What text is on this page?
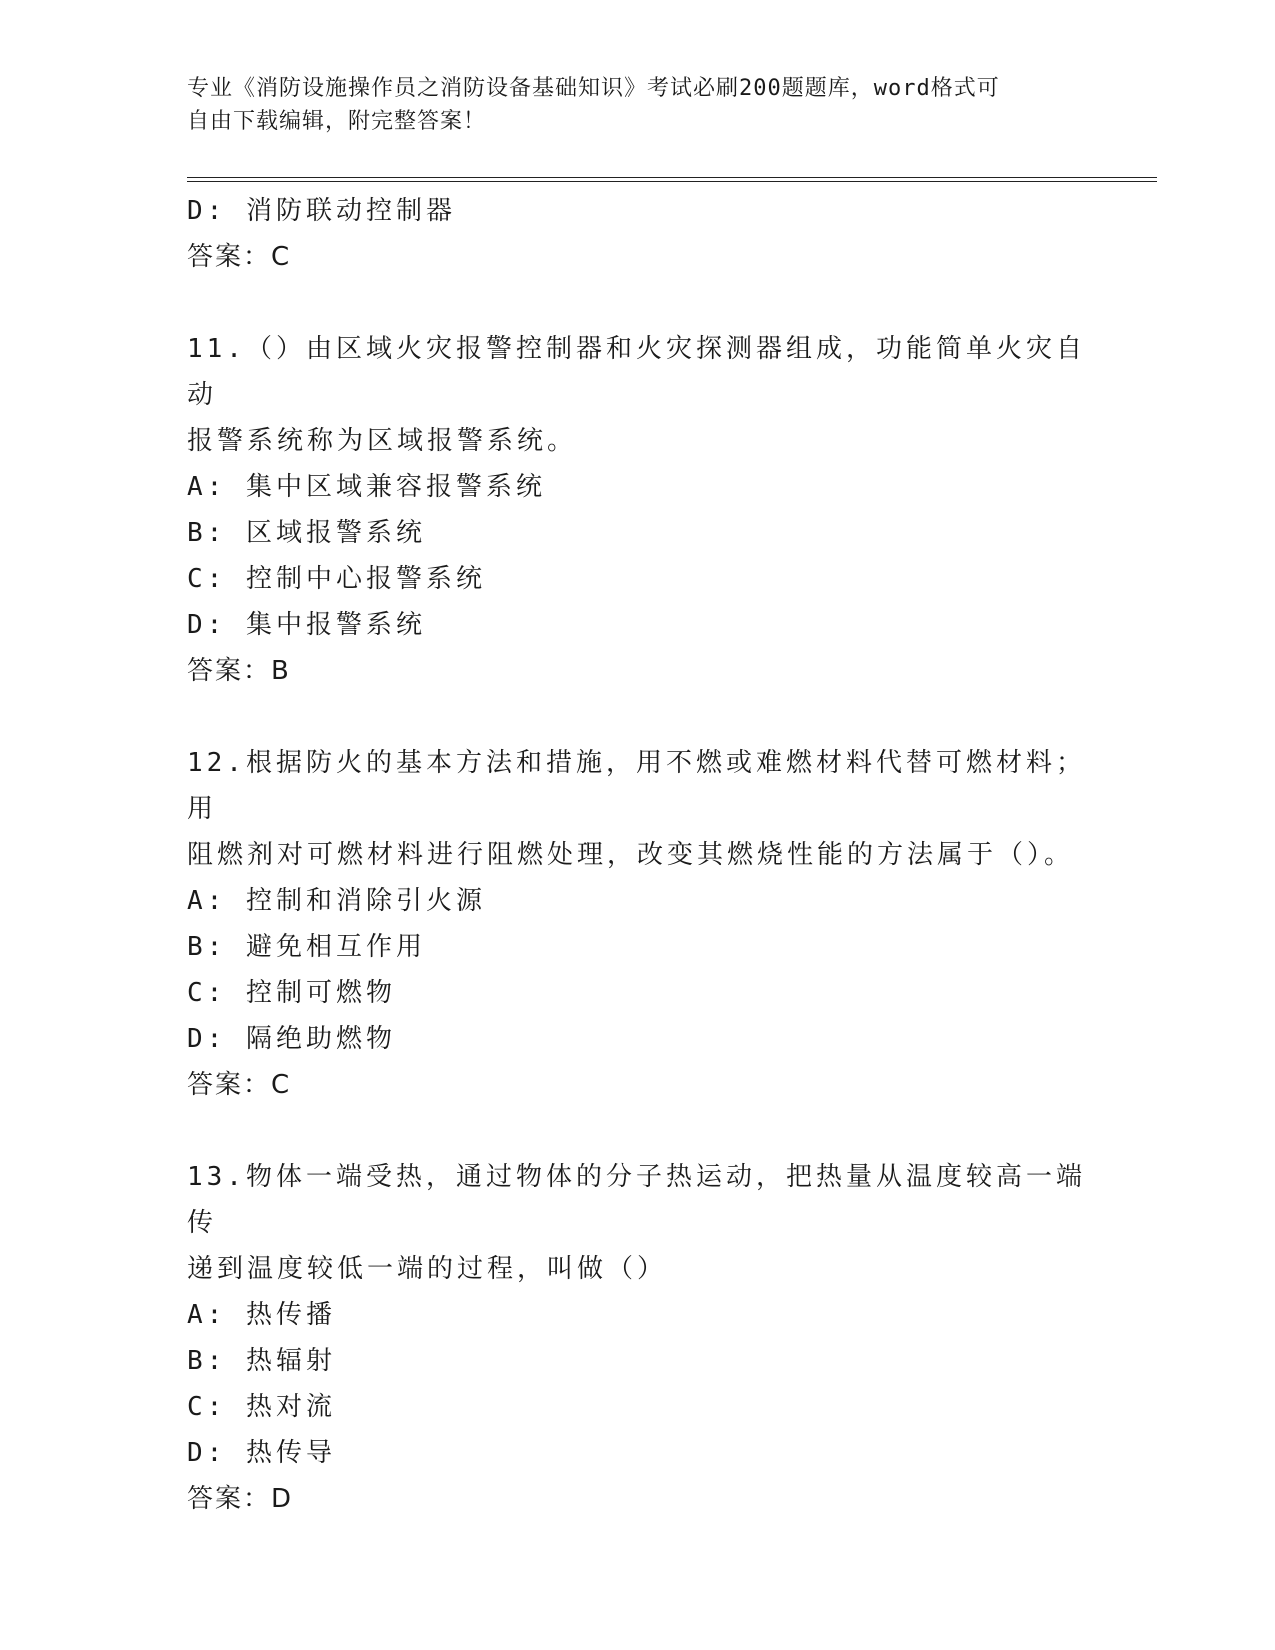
专业《消防设施操作员之消防设备基础知识》考试必刷200题题库，word格式可
自由下载编辑，附完整答案！
D: 消防联动控制器
答案：C
11.（）由区域火灾报警控制器和火灾探测器组成，功能简单火灾自动
报警系统称为区域报警系统。
A: 集中区域兼容报警系统
B: 区域报警系统
C: 控制中心报警系统
D: 集中报警系统
答案：B
12.根据防火的基本方法和措施，用不燃或难燃材料代替可燃材料；用
阻燃剂对可燃材料进行阻燃处理，改变其燃烧性能的方法属于（）。
A: 控制和消除引火源
B: 避免相互作用
C: 控制可燃物
D: 隔绝助燃物
答案：C
13.物体一端受热，通过物体的分子热运动，把热量从温度较高一端传
递到温度较低一端的过程，叫做（）
A: 热传播
B: 热辐射
C: 热对流
D: 热传导
答案：D
